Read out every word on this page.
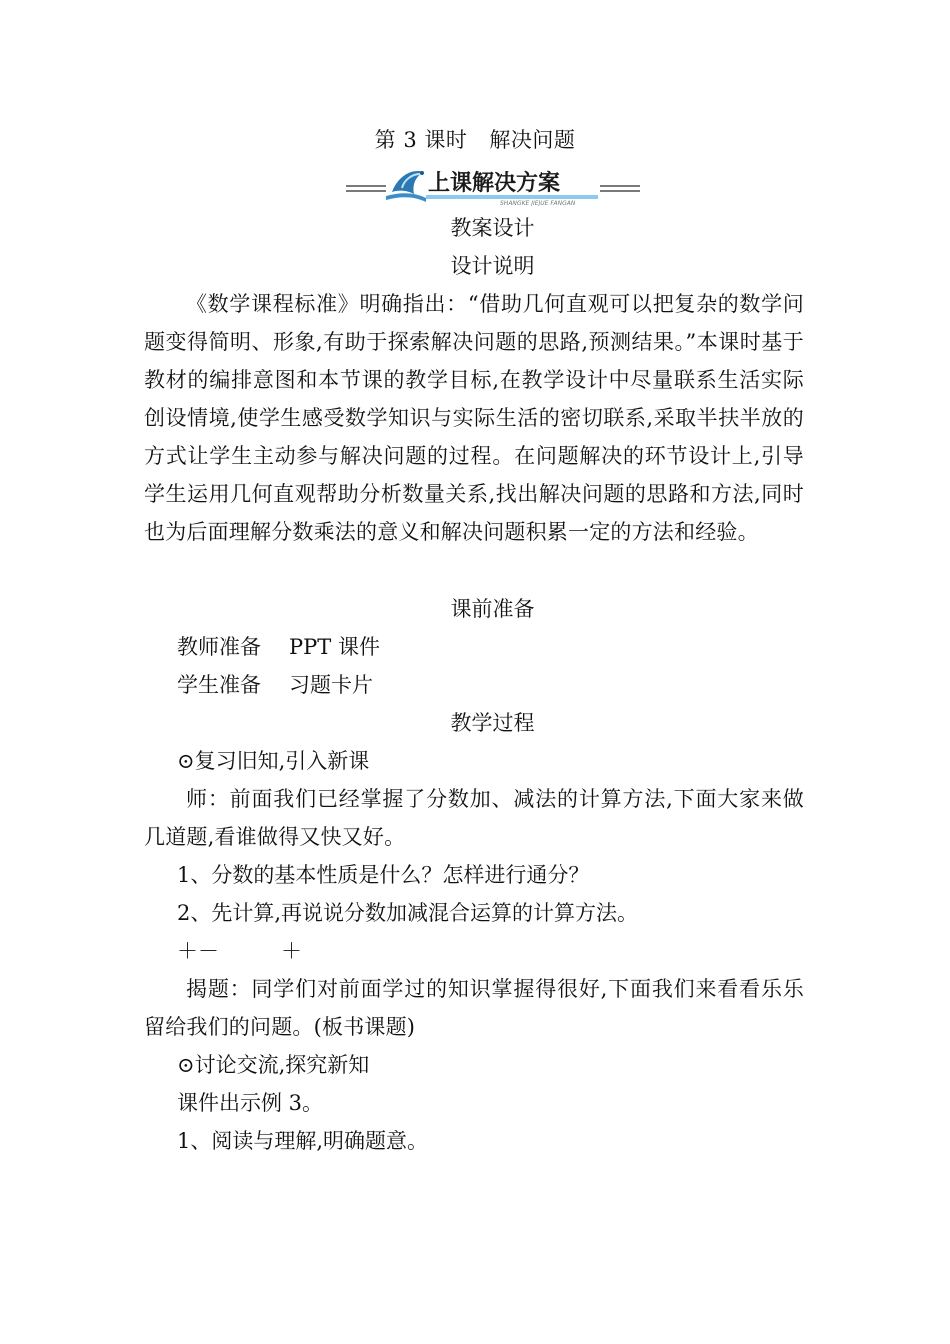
第 3 课时 解决问题
上课解决方案
SHANGKE JIEJUE FANGAN
教案设计
设计说明
《数学课程标准》明确指出：“借助几何直观可以把复杂的数学问题变得简明、形象,有助于探索解决问题的思路,预测结果。”本课时基于教材的编排意图和本节课的教学目标,在教学设计中尽量联系生活实际创设情境,使学生感受数学知识与实际生活的密切联系,采取半扶半放的方式让学生主动参与解决问题的过程。在问题解决的环节设计上,引导学生运用几何直观帮助分析数量关系,找出解决问题的思路和方法,同时也为后面理解分数乘法的意义和解决问题积累一定的方法和经验。
课前准备
教师准备 PPT 课件
学生准备 习题卡片
教学过程
⊙复习旧知,引入新课
师：前面我们已经掌握了分数加、减法的计算方法,下面大家来做几道题,看谁做得又快又好。
1、分数的基本性质是什么？怎样进行通分？
2、先计算,再说说分数加减混合运算的计算方法。
＋－	＋
揭题：同学们对前面学过的知识掌握得很好,下面我们来看看乐乐留给我们的问题。(板书课题)
⊙讨论交流,探究新知
课件出示例 3。
1、阅读与理解,明确题意。
